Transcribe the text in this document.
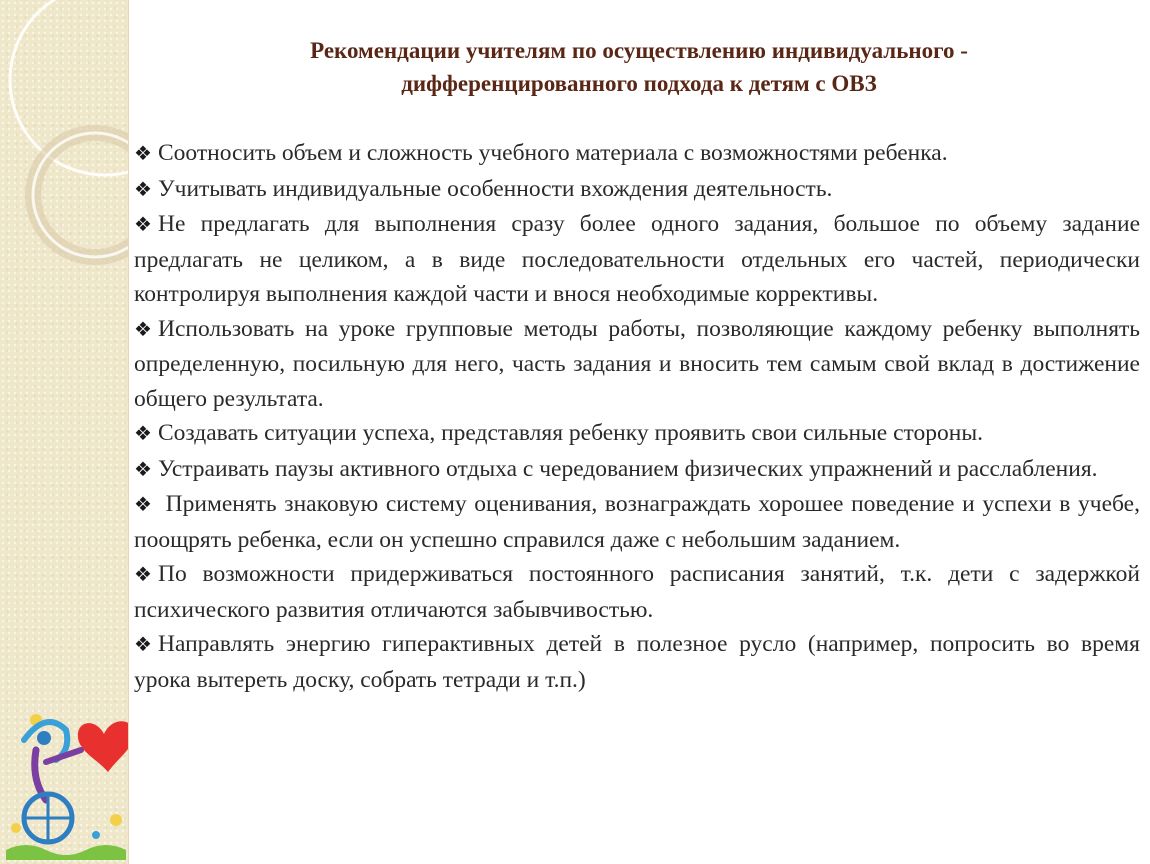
Рекомендации учителям по осуществлению индивидуального -
дифференцированного подхода к детям с ОВЗ

❖ Соотносить объем и сложность учебного материала с возможностями ребенка.

❖ Учитывать индивидуальные особенности вхождения деятельность.

❖ Не предлагать для выполнения сразу более одного задания, большое по объему задание предлагать не целиком, а в виде последовательности отдельных его частей, периодически контролируя выполнения каждой части и внося необходимые коррективы.

❖ Использовать на уроке групповые методы работы, позволяющие каждому ребенку выполнять определенную, посильную для него, часть задания и вносить тем самым свой вклад в достижение общего результата.

❖ Создавать ситуации успеха, представляя ребенку проявить свои сильные стороны.

❖ Устраивать паузы активного отдыха с чередованием физических упражнений и расслабления.

❖ Применять знаковую систему оценивания, вознаграждать хорошее поведение и успехи в учебе, поощрять ребенка, если он успешно справился даже с небольшим заданием.

❖ По возможности придерживаться постоянного расписания занятий, т.к. дети с задержкой психического развития отличаются забывчивостью.

❖ Направлять энергию гиперактивных детей в полезное русло (например, попросить во время урока вытереть доску, собрать тетради и т.п.)
